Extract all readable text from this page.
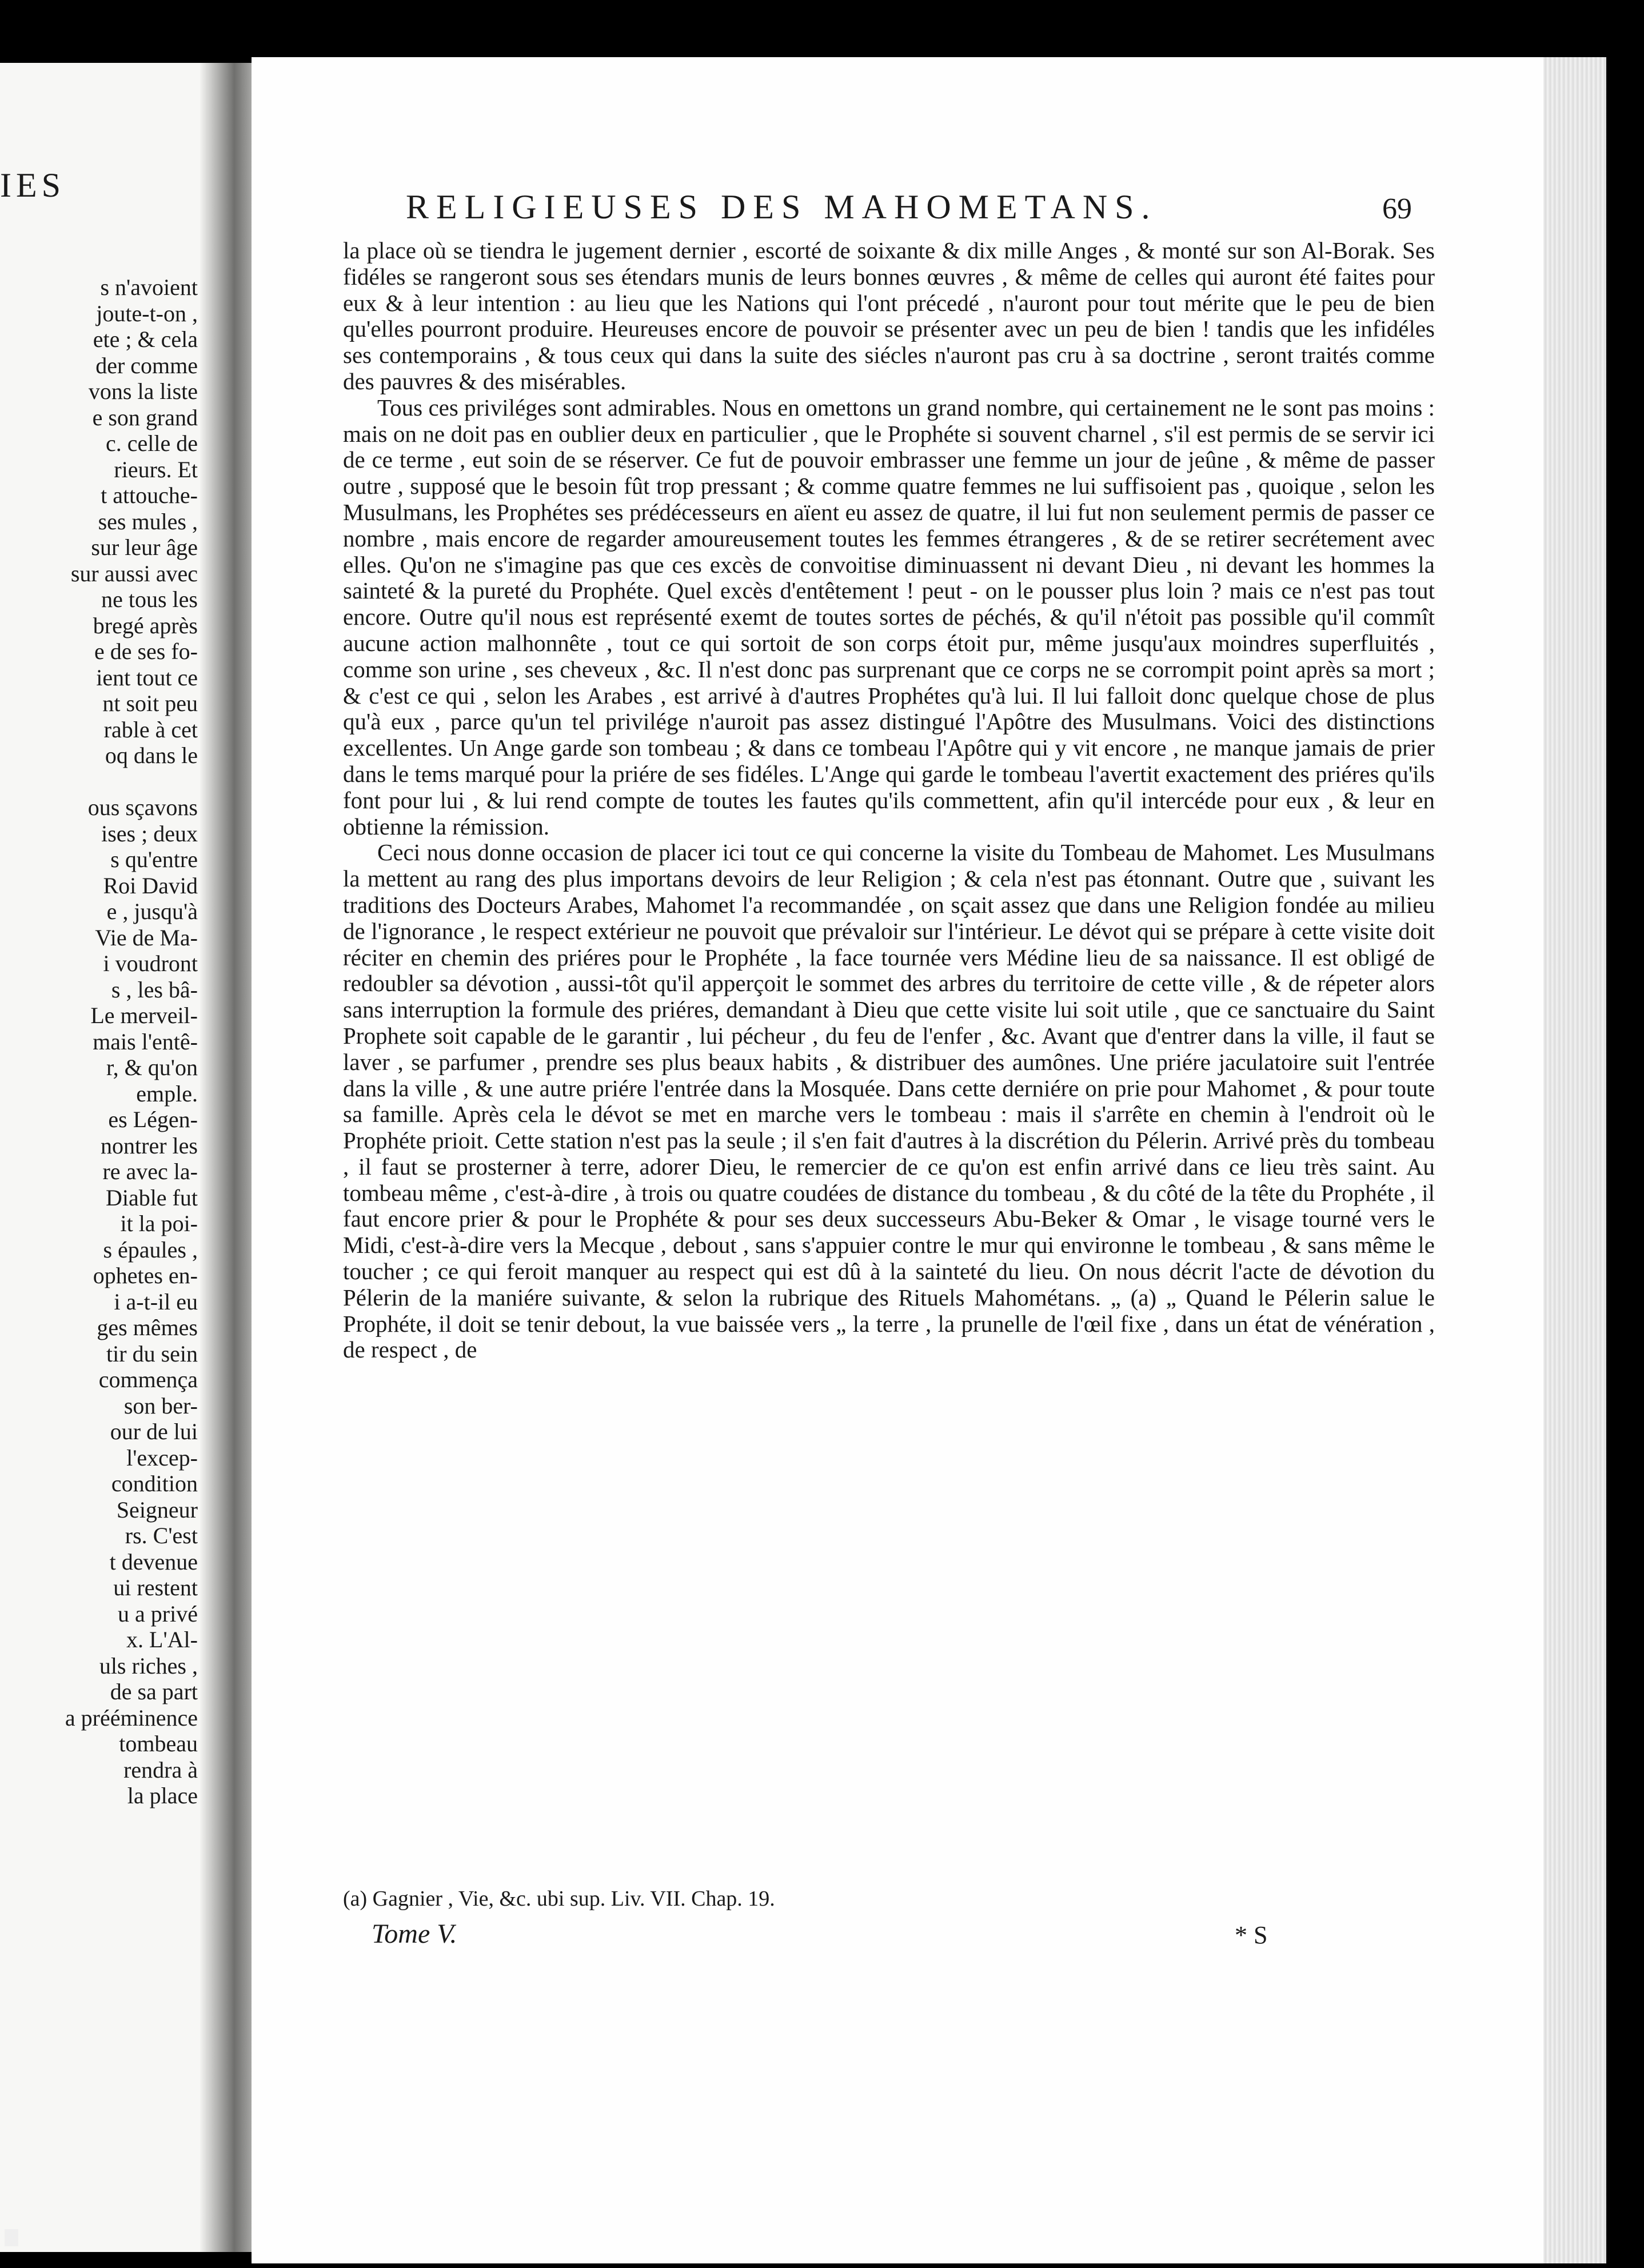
IES
s n'avoient
joute-t-on ,
ete ; & cela
der comme
vons la liste
e son grand
c. celle de
rieurs. Et
t attouche-
ses mules ,
sur leur âge
sur aussi avec
ne tous les
bregé après
e de ses fo-
ient tout ce
nt soit peu
rable à cet
oq dans le

ous sçavons
ises ; deux
s qu'entre
Roi David
e , jusqu'à
Vie de Ma-
i voudront
s , les bâ-
Le merveil-
mais l'entê-
r, & qu'on
emple.
es Légen-
nontrer les
re avec la-
Diable fut
it la poi-
s épaules ,
ophetes en-
i a-t-il eu
ges mêmes
tir du sein
commença
son ber-
our de lui
l'excep-
condition
Seigneur
rs. C'est
t devenue
ui restent
u a privé
x. L'Al-
uls riches ,
de sa part
a prééminence
tombeau
rendra à
la place
RELIGIEUSES DES MAHOMETANS.	69

la place où se tiendra le jugement dernier , escorté de soixante & dix mille Anges , & monté sur son Al-Borak. Ses fidéles se rangeront sous ses étendars munis de leurs bonnes œuvres , & même de celles qui auront été faites pour eux & à leur intention : au lieu que les Nations qui l'ont précedé , n'auront pour tout mérite que le peu de bien qu'elles pourront produire. Heureuses encore de pouvoir se présenter avec un peu de bien ! tandis que les infidéles ses contemporains , & tous ceux qui dans la suite des siécles n'auront pas cru à sa doctrine , seront traités comme des pauvres & des misérables.

Tous ces priviléges sont admirables. Nous en omettons un grand nombre, qui certainement ne le sont pas moins : mais on ne doit pas en oublier deux en particulier , que le Prophéte si souvent charnel , s'il est permis de se servir ici de ce terme , eut soin de se réserver. Ce fut de pouvoir embrasser une femme un jour de jeûne , & même de passer outre , supposé que le besoin fût trop pressant ; & comme quatre femmes ne lui suffisoient pas , quoique , selon les Musulmans, les Prophétes ses prédécesseurs en aïent eu assez de quatre, il lui fut non seulement permis de passer ce nombre , mais encore de regarder amoureusement toutes les femmes étrangeres , & de se retirer secrétement avec elles. Qu'on ne s'imagine pas que ces excès de convoitise diminuassent ni devant Dieu , ni devant les hommes la sainteté & la pureté du Prophéte. Quel excès d'entêtement ! peut - on le pousser plus loin ? mais ce n'est pas tout encore. Outre qu'il nous est représenté exemt de toutes sortes de péchés, & qu'il n'étoit pas possible qu'il commît aucune action malhonnête , tout ce qui sortoit de son corps étoit pur, même jusqu'aux moindres superfluités , comme son urine , ses cheveux , &c. Il n'est donc pas surprenant que ce corps ne se corrompit point après sa mort ; & c'est ce qui , selon les Arabes , est arrivé à d'autres Prophétes qu'à lui. Il lui falloit donc quelque chose de plus qu'à eux , parce qu'un tel privilége n'auroit pas assez distingué l'Apôtre des Musulmans. Voici des distinctions excellentes. Un Ange garde son tombeau ; & dans ce tombeau l'Apôtre qui y vit encore , ne manque jamais de prier dans le tems marqué pour la priére de ses fidéles. L'Ange qui garde le tombeau l'avertit exactement des priéres qu'ils font pour lui , & lui rend compte de toutes les fautes qu'ils commettent, afin qu'il intercéde pour eux , & leur en obtienne la rémission.

Ceci nous donne occasion de placer ici tout ce qui concerne la visite du Tombeau de Mahomet. Les Musulmans la mettent au rang des plus importans devoirs de leur Religion ; & cela n'est pas étonnant. Outre que , suivant les traditions des Docteurs Arabes, Mahomet l'a recommandée , on sçait assez que dans une Religion fondée au milieu de l'ignorance , le respect extérieur ne pouvoit que prévaloir sur l'intérieur. Le dévot qui se prépare à cette visite doit réciter en chemin des priéres pour le Prophéte , la face tournée vers Médine lieu de sa naissance. Il est obligé de redoubler sa dévotion , aussi-tôt qu'il apperçoit le sommet des arbres du territoire de cette ville , & de répeter alors sans interruption la formule des priéres, demandant à Dieu que cette visite lui soit utile , que ce sanctuaire du Saint Prophete soit capable de le garantir , lui pécheur , du feu de l'enfer , &c. Avant que d'entrer dans la ville, il faut se laver , se parfumer , prendre ses plus beaux habits , & distribuer des aumônes. Une priére jaculatoire suit l'entrée dans la ville , & une autre priére l'entrée dans la Mosquée. Dans cette derniére on prie pour Mahomet , & pour toute sa famille. Après cela le dévot se met en marche vers le tombeau : mais il s'arrête en chemin à l'endroit où le Prophéte prioit. Cette station n'est pas la seule ; il s'en fait d'autres à la discrétion du Pélerin. Arrivé près du tombeau , il faut se prosterner à terre, adorer Dieu, le remercier de ce qu'on est enfin arrivé dans ce lieu très saint. Au tombeau même , c'est-à-dire , à trois ou quatre coudées de distance du tombeau , & du côté de la tête du Prophéte , il faut encore prier & pour le Prophéte & pour ses deux successeurs Abu-Beker & Omar , le visage tourné vers le Midi, c'est-à-dire vers la Mecque , debout , sans s'appuier contre le mur qui environne le tombeau , & sans même le toucher ; ce qui feroit manquer au respect qui est dû à la sainteté du lieu. On nous décrit l'acte de dévotion du Pélerin de la maniére suivante, & selon la rubrique des Rituels Mahométans. „ (a) „ Quand le Pélerin salue le Prophéte, il doit se tenir debout, la vue baissée vers „ la terre , la prunelle de l'œil fixe , dans un état de vénération , de respect , de

(a) Gagnier , Vie, &c. ubi sup. Liv. VII. Chap. 19.
Tome V.	* S
